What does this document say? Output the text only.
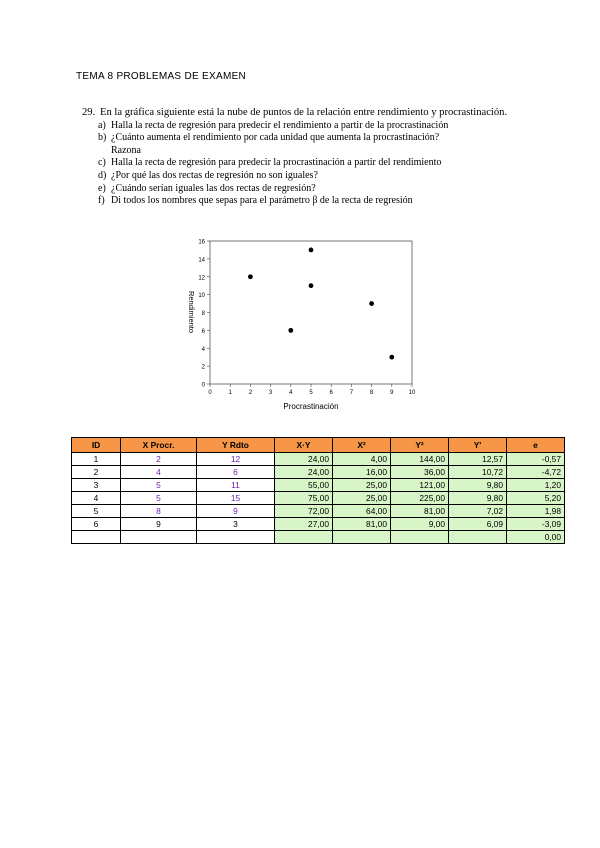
TEMA 8 PROBLEMAS DE EXAMEN
29. En la gráfica siguiente está la nube de puntos de la relación entre rendimiento y procrastinación.
a) Halla la recta de regresión para predecir el rendimiento a partir de la procrastinación
b) ¿Cuánto aumenta el rendimiento por cada unidad que aumenta la procrastinación?
Razona
c) Halla la recta de regresión para predecir la procrastinación a partir del rendimiento
d) ¿Por qué las dos rectas de regresión no son iguales?
e) ¿Cuándo serían iguales las dos rectas de regresión?
f) Di todos los nombres que sepas para el parámetro β de la recta de regresión
0
2
4
6
8
10
12
14
16
0	1	2	3	4	5	6	7	8	9	10
Procrastinación
Rendimiento
ID	X Procr.	Y Rdto	X·Y	X²	Y²	Y'	e
1	2	12	24,00	4,00	144,00	12,57	-0,57
2	4	6	24,00	16,00	36,00	10,72	-4,72
3	5	11	55,00	25,00	121,00	9,80	1,20
4	5	15	75,00	25,00	225,00	9,80	5,20
5	8	9	72,00	64,00	81,00	7,02	1,98
6	9	3	27,00	81,00	9,00	6,09	-3,09
							0,00
